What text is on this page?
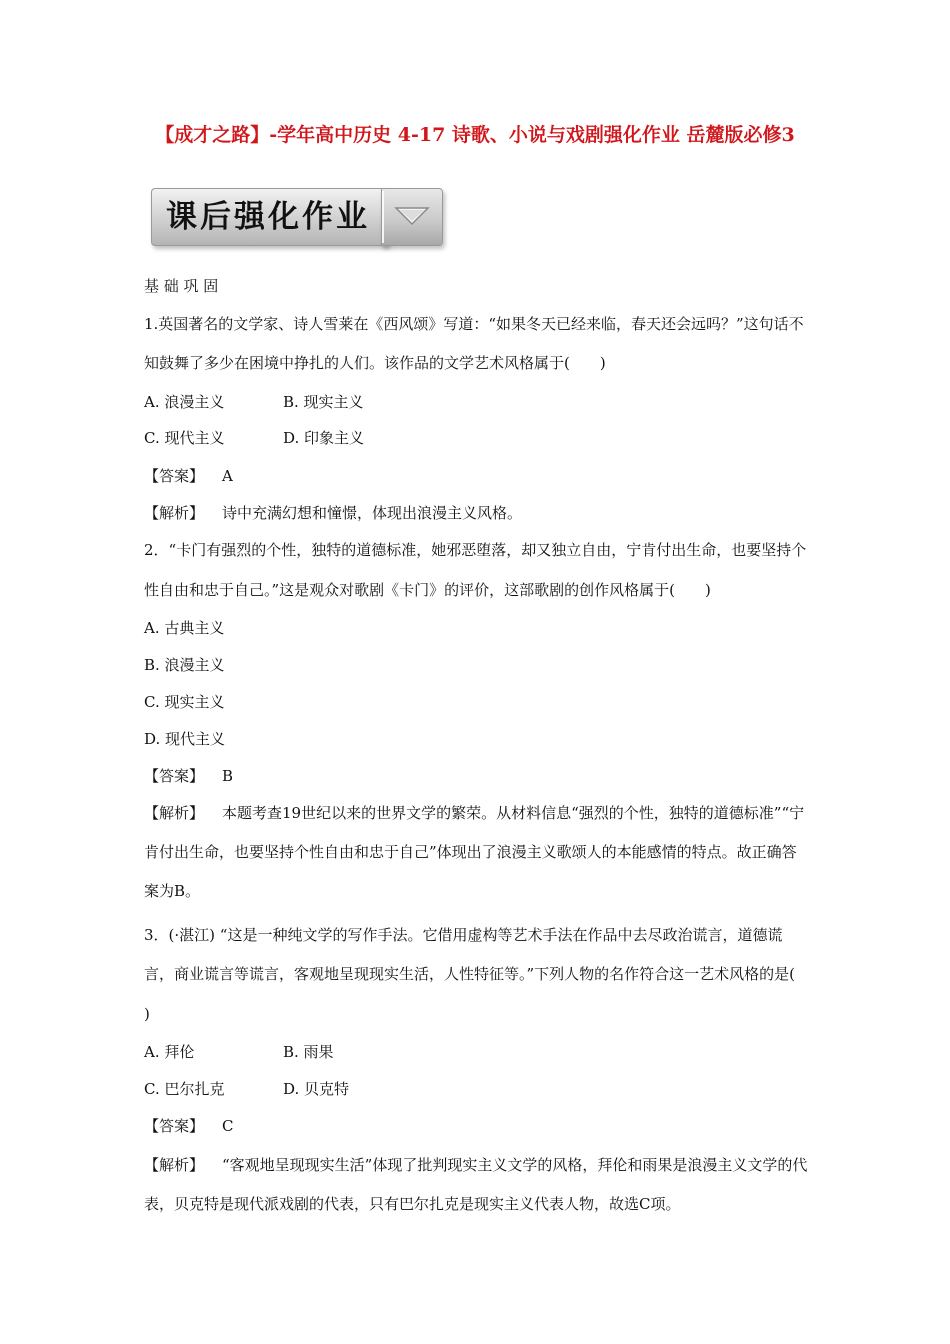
【成才之路】-学年高中历史 4-17 诗歌、小说与戏剧强化作业 岳麓版必修3
课后强化作业
基 础 巩 固
1.英国著名的文学家、诗人雪莱在《西风颂》写道：“如果冬天已经来临，春天还会远吗？”这句话不
知鼓舞了多少在困境中挣扎的人们。该作品的文学艺术风格属于(　　)
A. 浪漫主义	B. 现实主义
C. 现代主义	D. 印象主义
【答案】 A
【解析】 诗中充满幻想和憧憬，体现出浪漫主义风格。
2．“卡门有强烈的个性，独特的道德标准，她邪恶堕落，却又独立自由，宁肯付出生命，也要坚持个
性自由和忠于自己。”这是观众对歌剧《卡门》的评价，这部歌剧的创作风格属于(　　)
A. 古典主义
B. 浪漫主义
C. 现实主义
D. 现代主义
【答案】 B
【解析】 本题考查19世纪以来的世界文学的繁荣。从材料信息“强烈的个性，独特的道德标准”“宁
肯付出生命，也要坚持个性自由和忠于自己”体现出了浪漫主义歌颂人的本能感情的特点。故正确答
案为B。
3．(·湛江) “这是一种纯文学的写作手法。它借用虚构等艺术手法在作品中去尽政治谎言，道德谎
言，商业谎言等谎言，客观地呈现现实生活，人性特征等。”下列人物的名作符合这一艺术风格的是(
)
A. 拜伦	B. 雨果
C. 巴尔扎克	D. 贝克特
【答案】 C
【解析】 “客观地呈现现实生活”体现了批判现实主义文学的风格，拜伦和雨果是浪漫主义文学的代
表，贝克特是现代派戏剧的代表，只有巴尔扎克是现实主义代表人物，故选C项。
